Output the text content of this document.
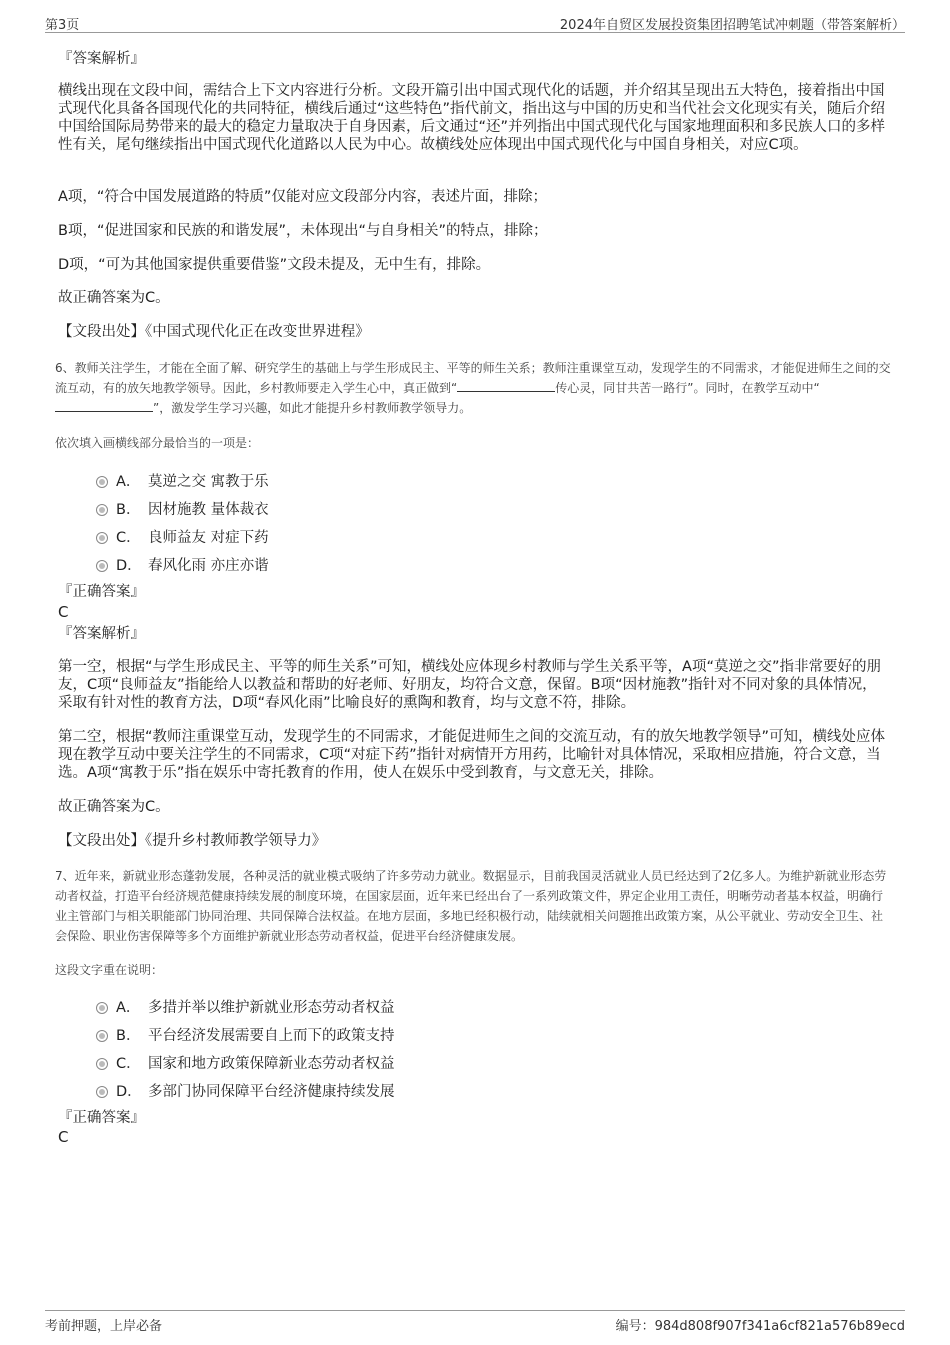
第3页	2024年自贸区发展投资集团招聘笔试冲刺题（带答案解析）
『答案解析』
横线出现在文段中间，需结合上下文内容进行分析。文段开篇引出中国式现代化的话题，并介绍其呈现出五大特色，接着指出中国式现代化具备各国现代化的共同特征，横线后通过“这些特色”指代前文，指出这与中国的历史和当代社会文化现实有关，随后介绍中国给国际局势带来的最大的稳定力量取决于自身因素，后文通过“还”并列指出中国式现代化与国家地理面积和多民族人口的多样性有关，尾句继续指出中国式现代化道路以人民为中心。故横线处应体现出中国式现代化与中国自身相关，对应C项。
A项，“符合中国发展道路的特质”仅能对应文段部分内容，表述片面，排除；
B项，“促进国家和民族的和谐发展”，未体现出“与自身相关”的特点，排除；
D项，“可为其他国家提供重要借鉴”文段未提及，无中生有，排除。
故正确答案为C。
【文段出处】《中国式现代化正在改变世界进程》
6、教师关注学生，才能在全面了解、研究学生的基础上与学生形成民主、平等的师生关系；教师注重课堂互动，发现学生的不同需求，才能促进师生之间的交流互动，有的放矢地教学领导。因此，乡村教师要走入学生心中，真正做到“	传心灵，同甘共苦一路行”。同时，在教学互动中“”，激发学生学习兴趣，如此才能提升乡村教师教学领导力。
依次填入画横线部分最恰当的一项是：
A． 莫逆之交 寓教于乐
B． 因材施教 量体裁衣
C． 良师益友 对症下药
D． 春风化雨 亦庄亦谐
『正确答案』
C
『答案解析』
第一空，根据“与学生形成民主、平等的师生关系”可知，横线处应体现乡村教师与学生关系平等，A项“莫逆之交”指非常要好的朋友，C项“良师益友”指能给人以教益和帮助的好老师、好朋友，均符合文意，保留。B项“因材施教”指针对不同对象的具体情况，采取有针对性的教育方法，D项“春风化雨”比喻良好的熏陶和教育，均与文意不符，排除。
第二空，根据“教师注重课堂互动，发现学生的不同需求，才能促进师生之间的交流互动，有的放矢地教学领导”可知，横线处应体现在教学互动中要关注学生的不同需求，C项“对症下药”指针对病情开方用药，比喻针对具体情况，采取相应措施，符合文意，当选。A项“寓教于乐”指在娱乐中寄托教育的作用，使人在娱乐中受到教育，与文意无关，排除。
故正确答案为C。
【文段出处】《提升乡村教师教学领导力》
7、近年来，新就业形态蓬勃发展，各种灵活的就业模式吸纳了许多劳动力就业。数据显示，目前我国灵活就业人员已经达到了2亿多人。为维护新就业形态劳动者权益，打造平台经济规范健康持续发展的制度环境，在国家层面，近年来已经出台了一系列政策文件，界定企业用工责任，明晰劳动者基本权益，明确行业主管部门与相关职能部门协同治理、共同保障合法权益。在地方层面，多地已经积极行动，陆续就相关问题推出政策方案，从公平就业、劳动安全卫生、社会保险、职业伤害保障等多个方面维护新就业形态劳动者权益，促进平台经济健康发展。
这段文字重在说明：
A． 多措并举以维护新就业形态劳动者权益
B． 平台经济发展需要自上而下的政策支持
C． 国家和地方政策保障新业态劳动者权益
D． 多部门协同保障平台经济健康持续发展
『正确答案』
C
考前押题，上岸必备	编号：984d808f907f341a6cf821a576b89ecd
